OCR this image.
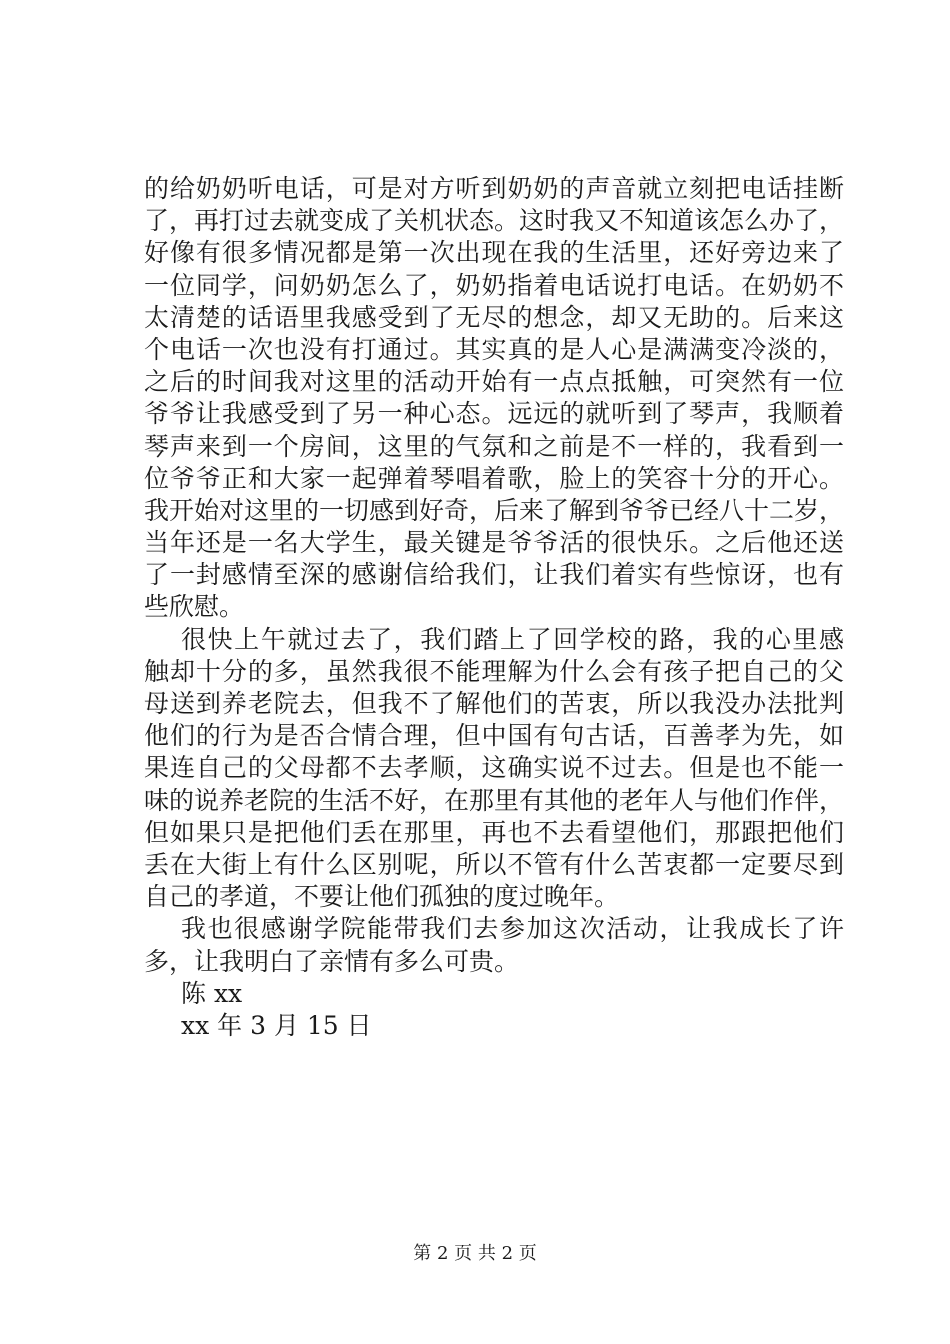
的给奶奶听电话，可是对方听到奶奶的声音就立刻把电话挂断
了，再打过去就变成了关机状态。这时我又不知道该怎么办了，
好像有很多情况都是第一次出现在我的生活里，还好旁边来了
一位同学，问奶奶怎么了，奶奶指着电话说打电话。在奶奶不
太清楚的话语里我感受到了无尽的想念，却又无助的。后来这
个电话一次也没有打通过。其实真的是人心是满满变冷淡的，
之后的时间我对这里的活动开始有一点点抵触，可突然有一位
爷爷让我感受到了另一种心态。远远的就听到了琴声，我顺着
琴声来到一个房间，这里的气氛和之前是不一样的，我看到一
位爷爷正和大家一起弹着琴唱着歌，脸上的笑容十分的开心。
我开始对这里的一切感到好奇，后来了解到爷爷已经八十二岁，
当年还是一名大学生，最关键是爷爷活的很快乐。之后他还送
了一封感情至深的感谢信给我们，让我们着实有些惊讶，也有
些欣慰。
很快上午就过去了，我们踏上了回学校的路，我的心里感
触却十分的多，虽然我很不能理解为什么会有孩子把自己的父
母送到养老院去，但我不了解他们的苦衷，所以我没办法批判
他们的行为是否合情合理，但中国有句古话，百善孝为先，如
果连自己的父母都不去孝顺，这确实说不过去。但是也不能一
味的说养老院的生活不好，在那里有其他的老年人与他们作伴，
但如果只是把他们丢在那里，再也不去看望他们，那跟把他们
丢在大街上有什么区别呢，所以不管有什么苦衷都一定要尽到
自己的孝道，不要让他们孤独的度过晚年。
我也很感谢学院能带我们去参加这次活动，让我成长了许
多，让我明白了亲情有多么可贵。
陈 xx
xx 年 3 月 15 日
第 2 页 共 2 页
